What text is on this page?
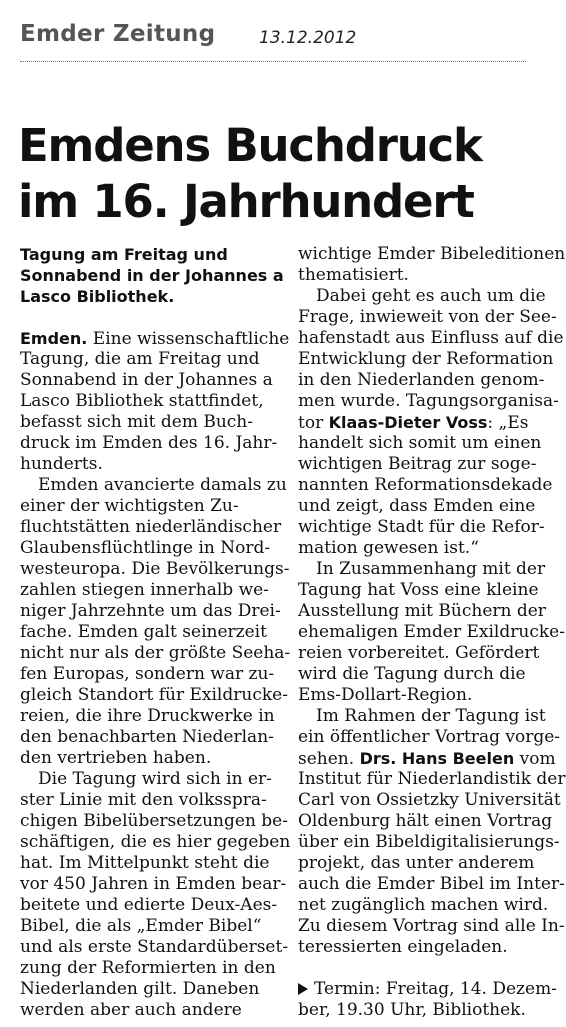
Emder Zeitung	13.12.2012
Emdens Buchdruck
im 16. Jahrhundert
Tagung am Freitag und
Sonnabend in der Johannes a
Lasco Bibliothek.
Emden. Eine wissenschaftliche
Tagung, die am Freitag und
Sonnabend in der Johannes a
Lasco Bibliothek stattfindet,
befasst sich mit dem Buch-
druck im Emden des 16. Jahr-
hunderts.
Emden avancierte damals zu
einer der wichtigsten Zu-
fluchtstätten niederländischer
Glaubensflüchtlinge in Nord-
westeuropa. Die Bevölkerungs-
zahlen stiegen innerhalb we-
niger Jahrzehnte um das Drei-
fache. Emden galt seinerzeit
nicht nur als der größte Seeha-
fen Europas, sondern war zu-
gleich Standort für Exildrucke-
reien, die ihre Druckwerke in
den benachbarten Niederlan-
den vertrieben haben.
Die Tagung wird sich in er-
ster Linie mit den volksspra-
chigen Bibelübersetzungen be-
schäftigen, die es hier gegeben
hat. Im Mittelpunkt steht die
vor 450 Jahren in Emden bear-
beitete und edierte Deux-Aes-
Bibel, die als „Emder Bibel“
und als erste Standardüberset-
zung der Reformierten in den
Niederlanden gilt. Daneben
werden aber auch andere
wichtige Emder Bibeleditionen
thematisiert.
Dabei geht es auch um die
Frage, inwieweit von der See-
hafenstadt aus Einfluss auf die
Entwicklung der Reformation
in den Niederlanden genom-
men wurde. Tagungsorganisa-
tor Klaas-Dieter Voss: „Es
handelt sich somit um einen
wichtigen Beitrag zur soge-
nannten Reformationsdekade
und zeigt, dass Emden eine
wichtige Stadt für die Refor-
mation gewesen ist.“
In Zusammenhang mit der
Tagung hat Voss eine kleine
Ausstellung mit Büchern der
ehemaligen Emder Exildrucke-
reien vorbereitet. Gefördert
wird die Tagung durch die
Ems-Dollart-Region.
Im Rahmen der Tagung ist
ein öffentlicher Vortrag vorge-
sehen. Drs. Hans Beelen vom
Institut für Niederlandistik der
Carl von Ossietzky Universität
Oldenburg hält einen Vortrag
über ein Bibeldigitalisierungs-
projekt, das unter anderem
auch die Emder Bibel im Inter-
net zugänglich machen wird.
Zu diesem Vortrag sind alle In-
teressierten eingeladen.
Termin: Freitag, 14. Dezem-
ber, 19.30 Uhr, Bibliothek.
